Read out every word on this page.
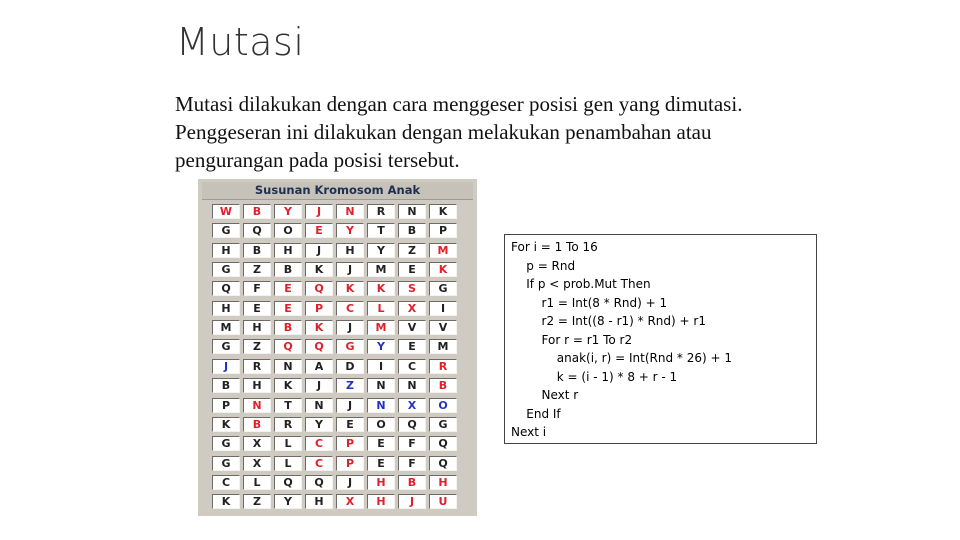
Mutasi
Mutasi dilakukan dengan cara menggeser posisi gen yang dimutasi. Penggeseran ini dilakukan dengan melakukan penambahan atau pengurangan pada posisi tersebut.
Susunan Kromosom Anak
W	B	Y	J	N	R	N	K
G	Q	O	E	Y	T	B	P
H	B	H	J	H	Y	Z	M
G	Z	B	K	J	M	E	K
Q	F	E	Q	K	K	S	G
H	E	E	P	C	L	X	I
M	H	B	K	J	M	V	V
G	Z	Q	Q	G	Y	E	M
J	R	N	A	D	I	C	R
B	H	K	J	Z	N	N	B
P	N	T	N	J	N	X	O
K	B	R	Y	E	O	Q	G
G	X	L	C	P	E	F	Q
G	X	L	C	P	E	F	Q
C	L	Q	Q	J	H	B	H
K	Z	Y	H	X	H	J	U
For i = 1 To 16
p = Rnd
If p < prob.Mut Then
r1 = Int(8 * Rnd) + 1
r2 = Int((8 - r1) * Rnd) + r1
For r = r1 To r2
anak(i, r) = Int(Rnd * 26) + 1
k = (i - 1) * 8 + r - 1
Next r
End If
Next i
